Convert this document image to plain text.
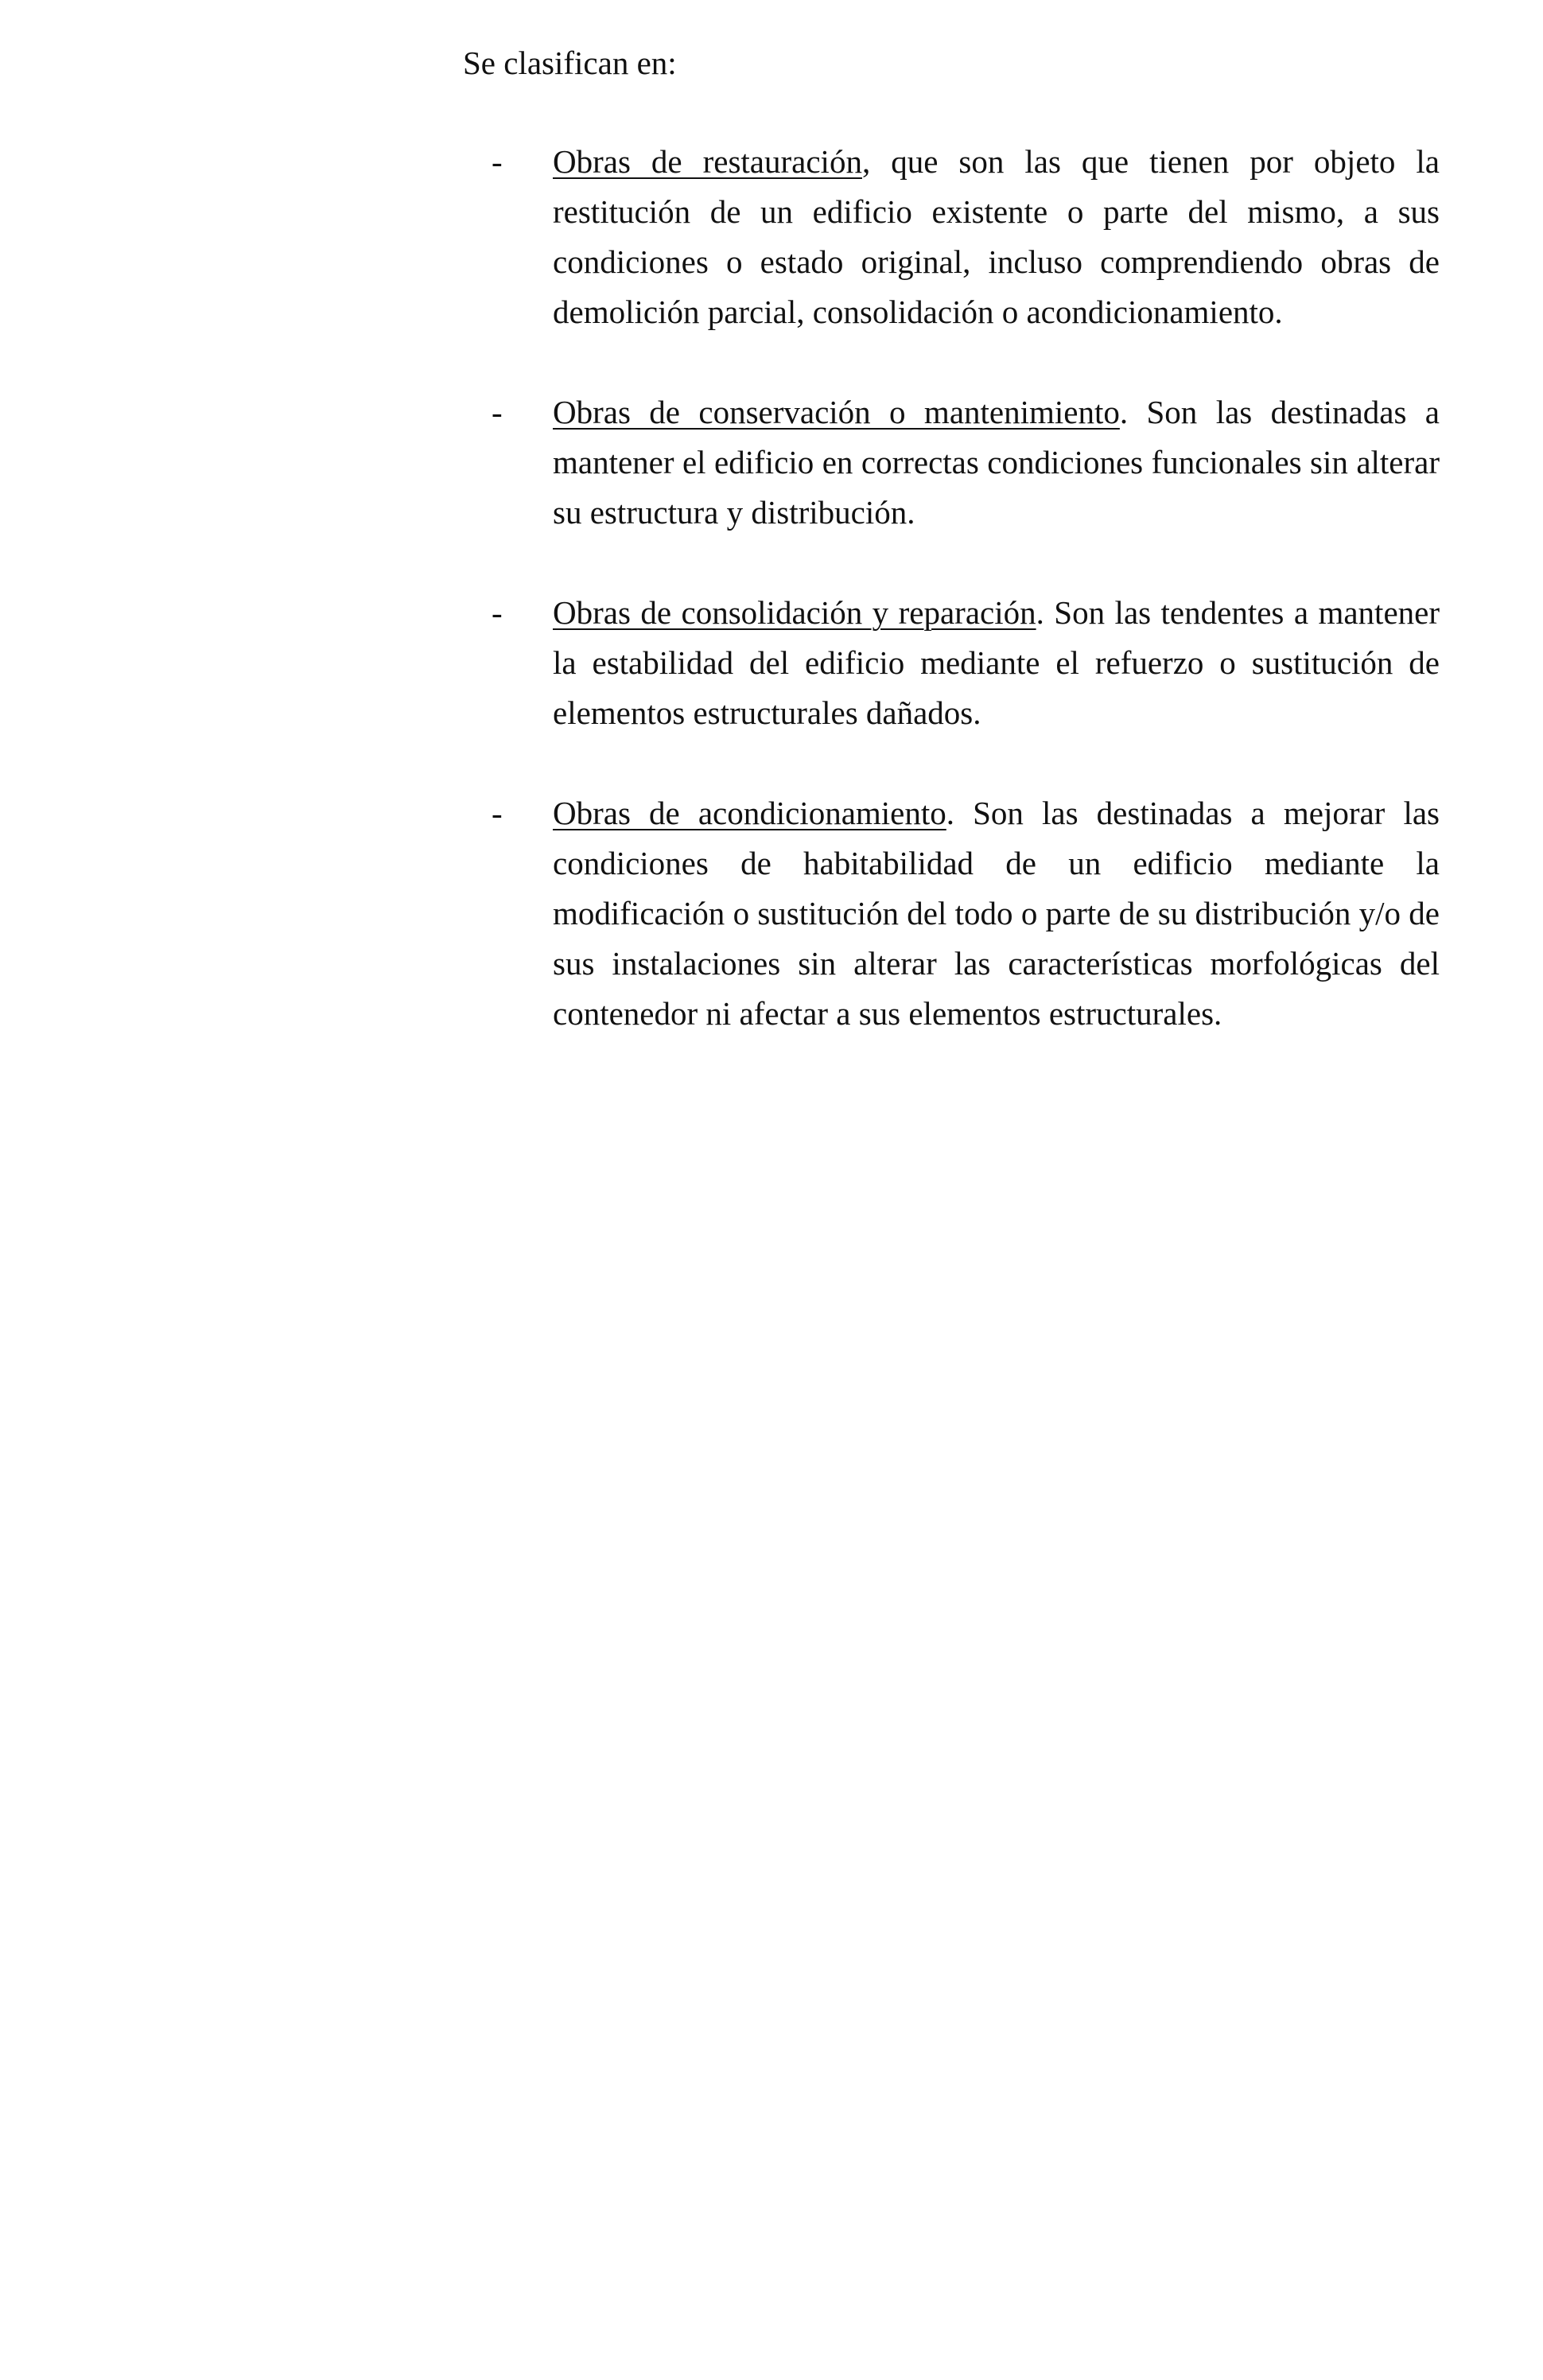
Se clasifican en:

- Obras de restauración, que son las que tienen por objeto la restitución de un edificio existente o parte del mismo, a sus condiciones o estado original, incluso comprendiendo obras de demolición parcial, consolidación o acondicionamiento.
- Obras de conservación o mantenimiento. Son las destinadas a mantener el edificio en correctas condiciones funcionales sin alterar su estructura y distribución.
- Obras de consolidación y reparación. Son las tendentes a mantener la estabilidad del edificio mediante el refuerzo o sustitución de elementos estructurales dañados.
- Obras de acondicionamiento. Son las destinadas a mejorar las condiciones de habitabilidad de un edificio mediante la modificación o sustitución del todo o parte de su distribución y/o de sus instalaciones sin alterar las características morfológicas del contenedor ni afectar a sus elementos estructurales.
